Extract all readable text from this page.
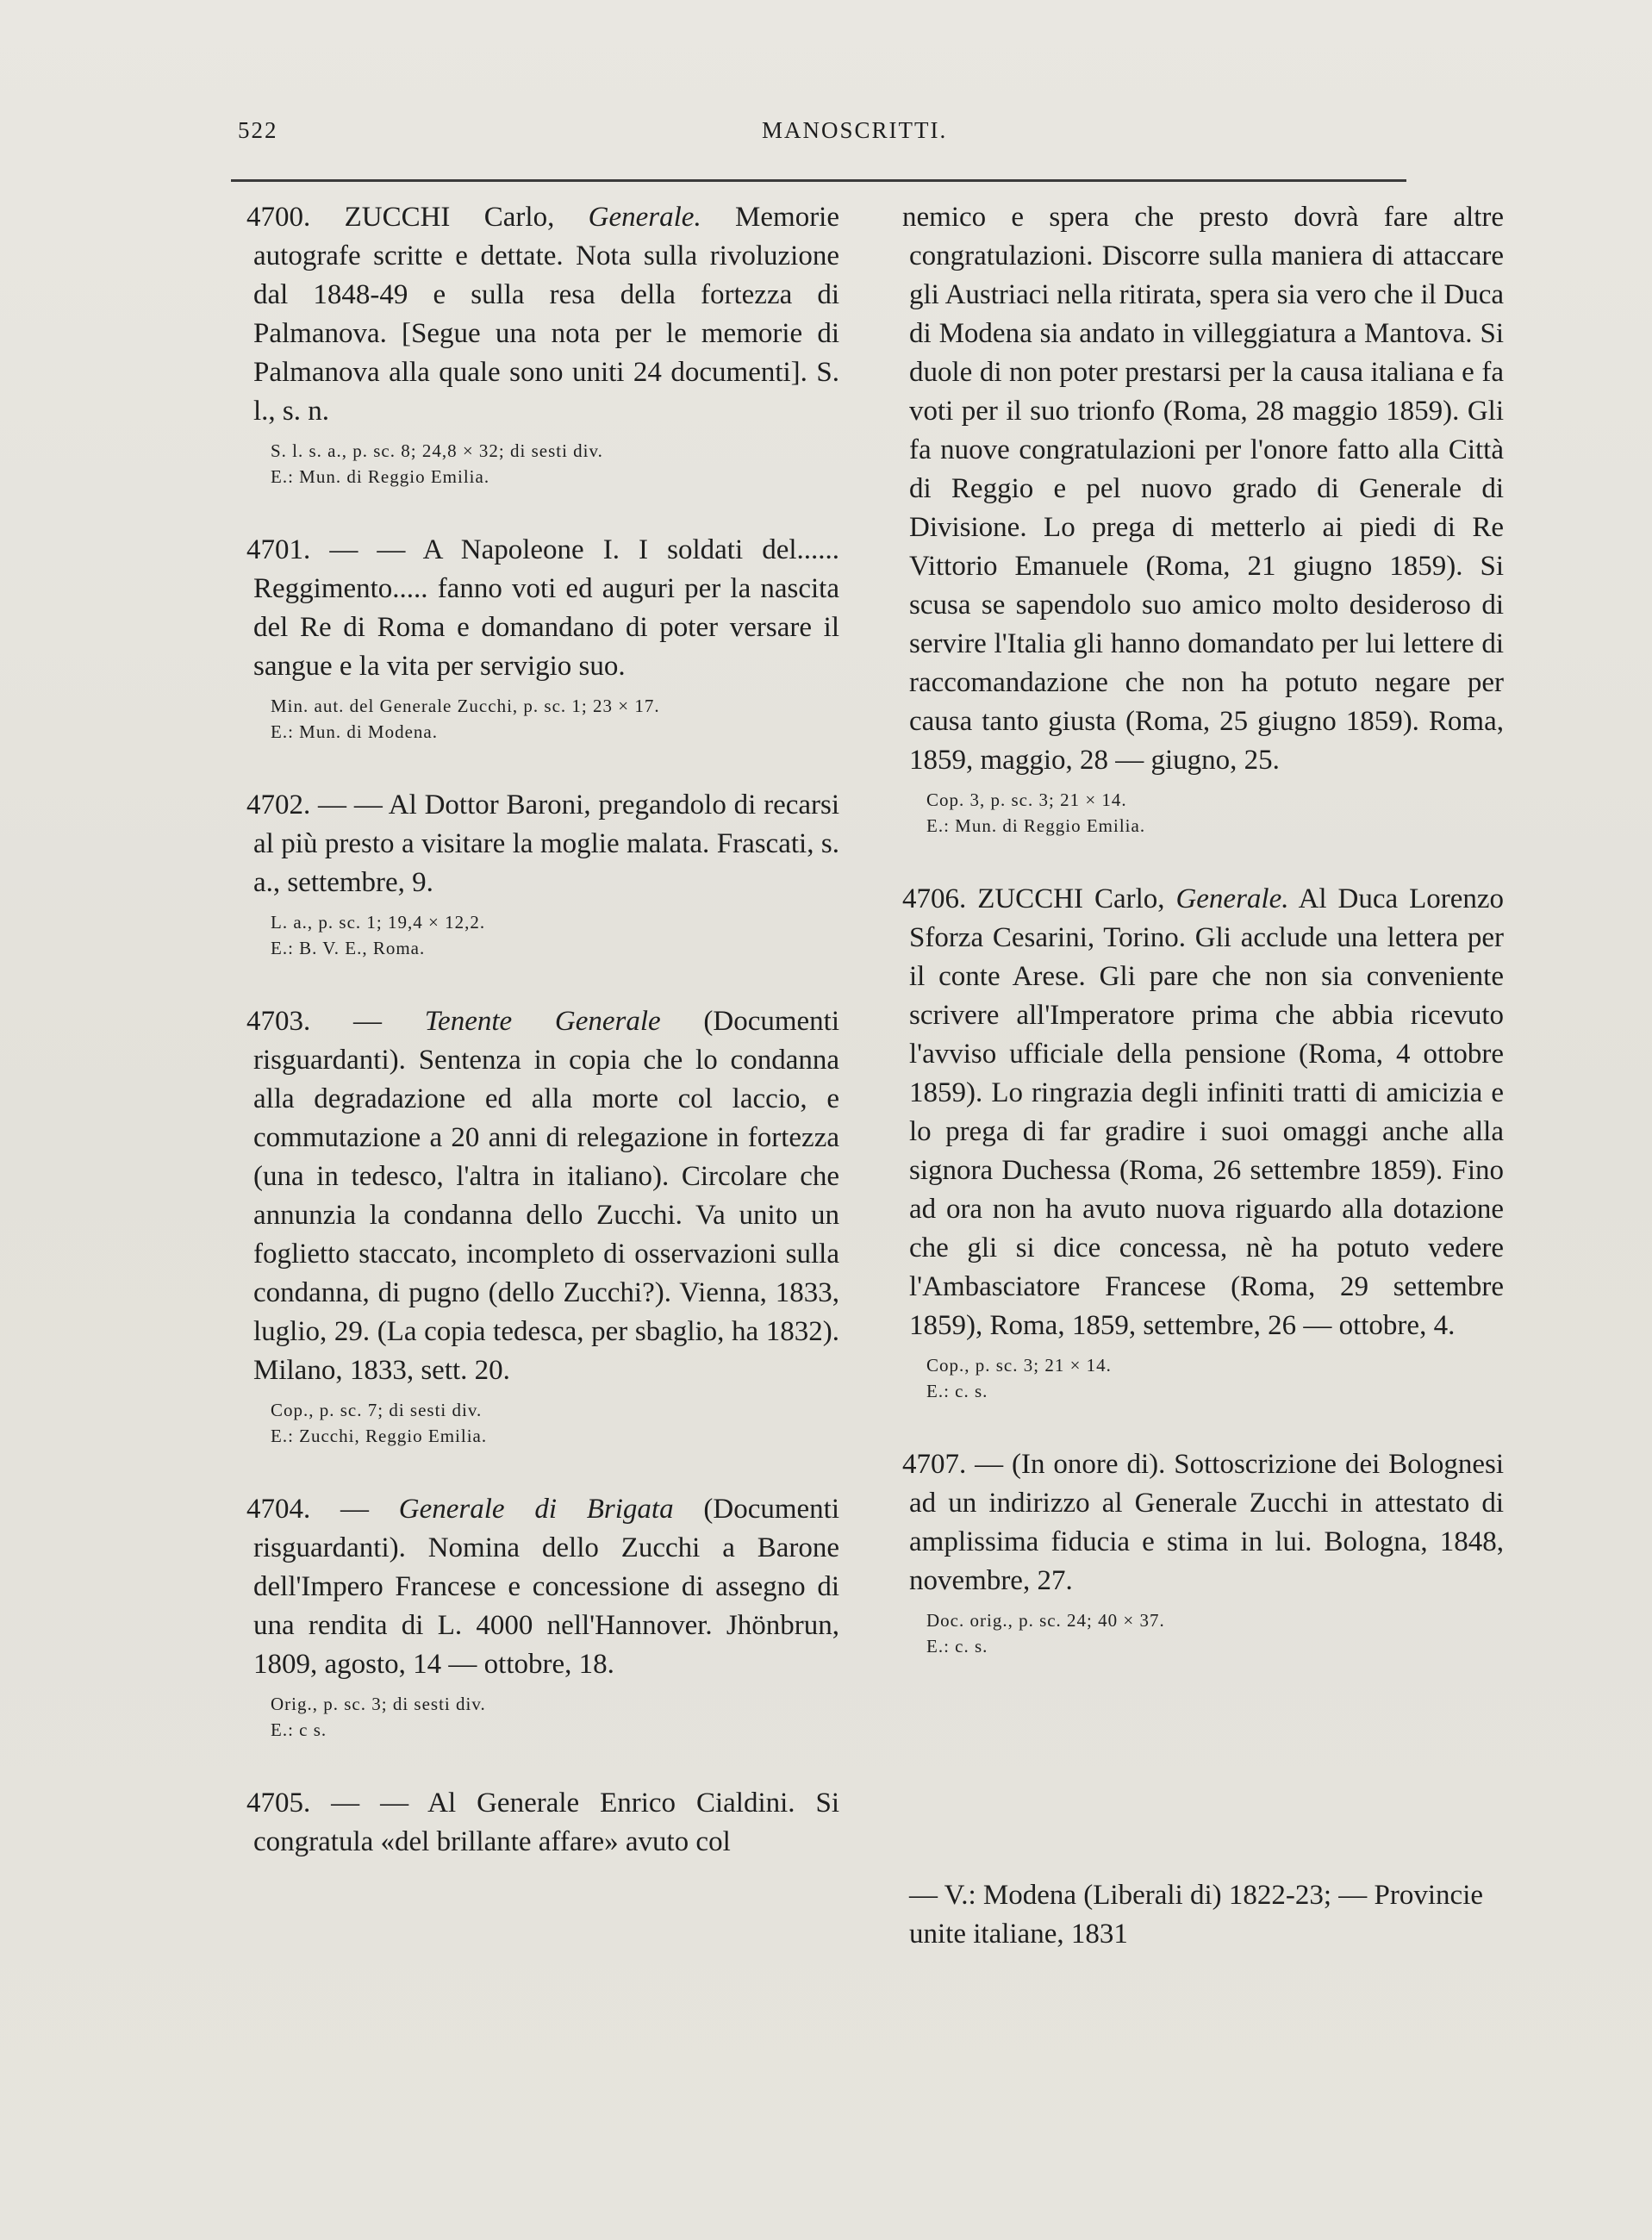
522	MANOSCRITTI.

4700. ZUCCHI Carlo, Generale. Memorie autografe scritte e dettate. Nota sulla rivoluzione dal 1848-49 e sulla resa della fortezza di Palmanova. [Segue una nota per le memorie di Palmanova alla quale sono uniti 24 documenti]. S. l., s. n.

S. l. s. a., p. sc. 8; 24,8 × 32; di sesti div.
E.: Mun. di Reggio Emilia.

4701. — — A Napoleone I. I soldati del...... Reggimento..... fanno voti ed auguri per la nascita del Re di Roma e domandano di poter versare il sangue e la vita per servigio suo.

Min. aut. del Generale Zucchi, p. sc. 1; 23 × 17.
E.: Mun. di Modena.

4702. — — Al Dottor Baroni, pregandolo di recarsi al più presto a visitare la moglie malata. Frascati, s. a., settembre, 9.

L. a., p. sc. 1; 19,4 × 12,2.
E.: B. V. E., Roma.

4703. — Tenente Generale (Documenti risguardanti). Sentenza in copia che lo condanna alla degradazione ed alla morte col laccio, e commutazione a 20 anni di relegazione in fortezza (una in tedesco, l'altra in italiano). Circolare che annunzia la condanna dello Zucchi. Va unito un foglietto staccato, incompleto di osservazioni sulla condanna, di pugno (dello Zucchi?). Vienna, 1833, luglio, 29. (La copia tedesca, per sbaglio, ha 1832). Milano, 1833, sett. 20.

Cop., p. sc. 7; di sesti div.
E.: Zucchi, Reggio Emilia.

4704. — Generale di Brigata (Documenti risguardanti). Nomina dello Zucchi a Barone dell'Impero Francese e concessione di assegno di una rendita di L. 4000 nell'Hannover. Jhönbrun, 1809, agosto, 14 — ottobre, 18.

Orig., p. sc. 3; di sesti div.
E.: c s.

4705. — — Al Generale Enrico Cialdini. Si congratula «del brillante affare» avuto col

nemico e spera che presto dovrà fare altre congratulazioni. Discorre sulla maniera di attaccare gli Austriaci nella ritirata, spera sia vero che il Duca di Modena sia andato in villeggiatura a Mantova. Si duole di non poter prestarsi per la causa italiana e fa voti per il suo trionfo (Roma, 28 maggio 1859). Gli fa nuove congratulazioni per l'onore fatto alla Città di Reggio e pel nuovo grado di Generale di Divisione. Lo prega di metterlo ai piedi di Re Vittorio Emanuele (Roma, 21 giugno 1859). Si scusa se sapendolo suo amico molto desideroso di servire l'Italia gli hanno domandato per lui lettere di raccomandazione che non ha potuto negare per causa tanto giusta (Roma, 25 giugno 1859). Roma, 1859, maggio, 28 — giugno, 25.

Cop. 3, p. sc. 3; 21 × 14.
E.: Mun. di Reggio Emilia.

4706. ZUCCHI Carlo, Generale. Al Duca Lorenzo Sforza Cesarini, Torino. Gli acclude una lettera per il conte Arese. Gli pare che non sia conveniente scrivere all'Imperatore prima che abbia ricevuto l'avviso ufficiale della pensione (Roma, 4 ottobre 1859). Lo ringrazia degli infiniti tratti di amicizia e lo prega di far gradire i suoi omaggi anche alla signora Duchessa (Roma, 26 settembre 1859). Fino ad ora non ha avuto nuova riguardo alla dotazione che gli si dice concessa, nè ha potuto vedere l'Ambasciatore Francese (Roma, 29 settembre 1859), Roma, 1859, settembre, 26 — ottobre, 4.

Cop., p. sc. 3; 21 × 14.
E.: c. s.

4707. — (In onore di). Sottoscrizione dei Bolognesi ad un indirizzo al Generale Zucchi in attestato di amplissima fiducia e stima in lui. Bologna, 1848, novembre, 27.

Doc. orig., p. sc. 24; 40 × 37.
E.: c. s.
— V.: Modena (Liberali di) 1822-23; — Provincie unite italiane, 1831
